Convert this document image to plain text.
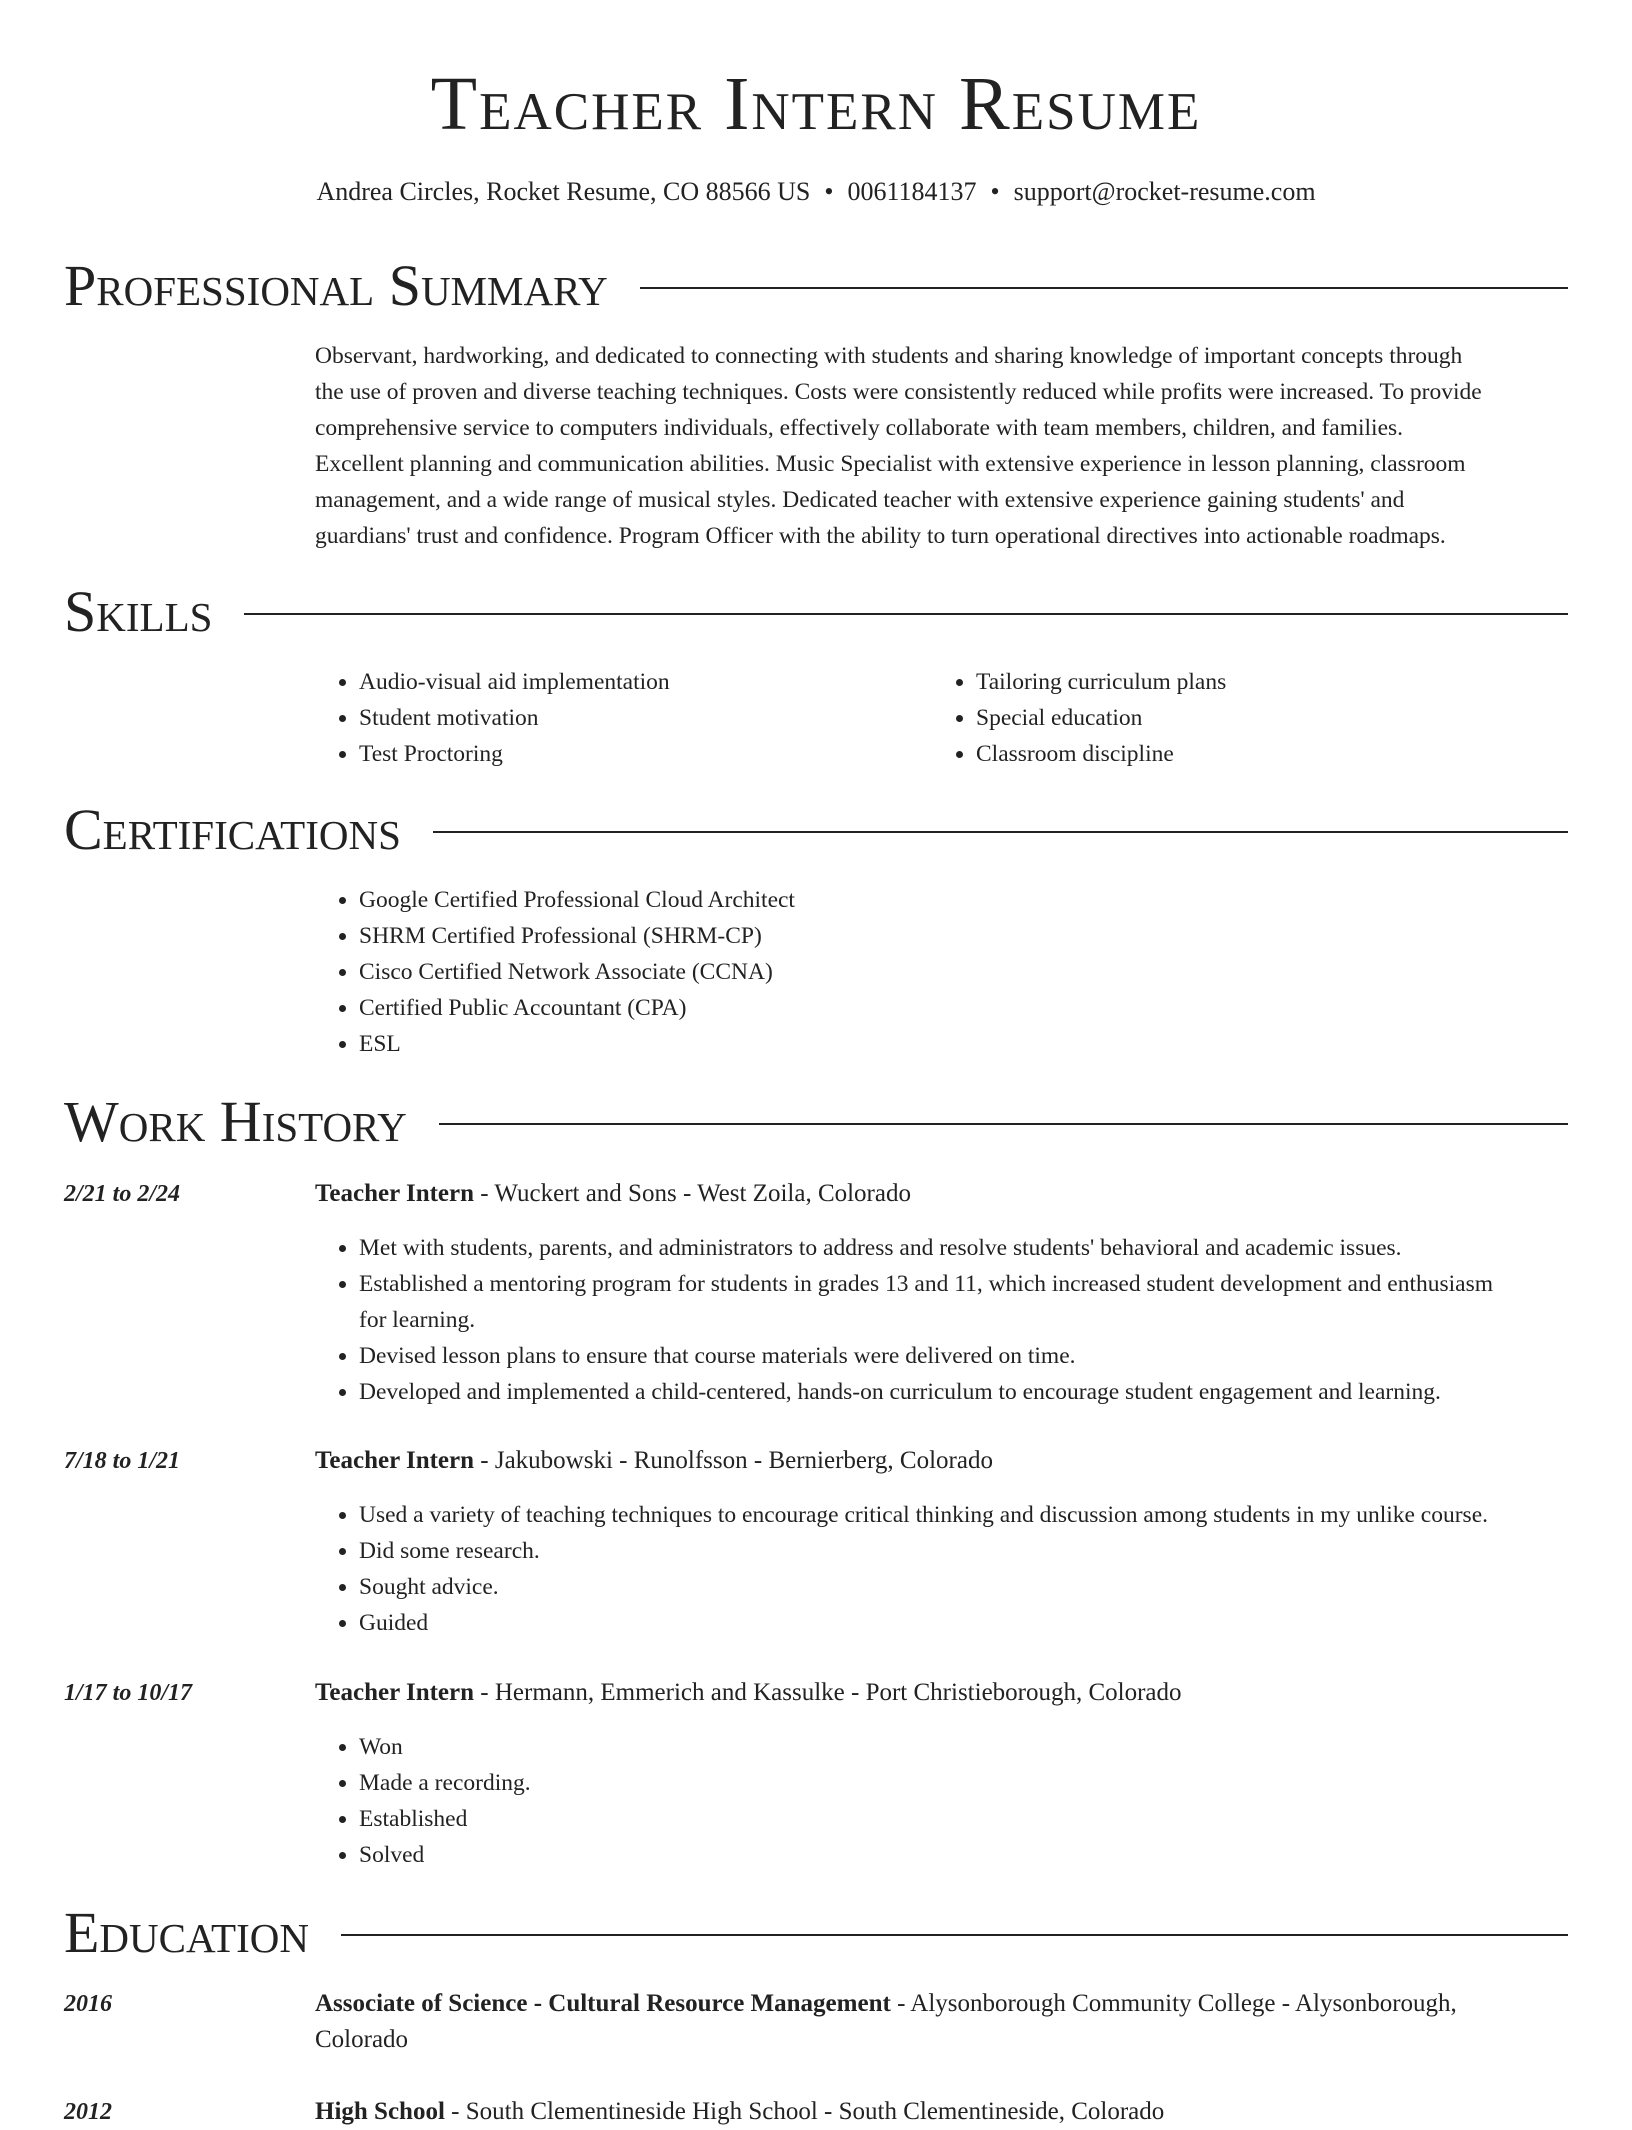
Teacher Intern Resume

Andrea Circles, Rocket Resume, CO 88566 US • 0061184137 • support@rocket-resume.com

Professional Summary
Observant, hardworking, and dedicated to connecting with students and sharing knowledge of important concepts through
the use of proven and diverse teaching techniques. Costs were consistently reduced while profits were increased. To provide
comprehensive service to computers individuals, effectively collaborate with team members, children, and families.
Excellent planning and communication abilities. Music Specialist with extensive experience in lesson planning, classroom
management, and a wide range of musical styles. Dedicated teacher with extensive experience gaining students' and
guardians' trust and confidence. Program Officer with the ability to turn operational directives into actionable roadmaps.
Skills
• Audio-visual aid implementation
• Student motivation
• Test Proctoring
• Tailoring curriculum plans
• Special education
• Classroom discipline
Certifications
• Google Certified Professional Cloud Architect
• SHRM Certified Professional (SHRM-CP)
• Cisco Certified Network Associate (CCNA)
• Certified Public Accountant (CPA)
• ESL
Work History
2/21 to 2/24	Teacher Intern - Wuckert and Sons - West Zoila, Colorado
• Met with students, parents, and administrators to address and resolve students' behavioral and academic issues.
• Established a mentoring program for students in grades 13 and 11, which increased student development and enthusiasm
for learning.
• Devised lesson plans to ensure that course materials were delivered on time.
• Developed and implemented a child-centered, hands-on curriculum to encourage student engagement and learning.
7/18 to 1/21	Teacher Intern - Jakubowski - Runolfsson - Bernierberg, Colorado
• Used a variety of teaching techniques to encourage critical thinking and discussion among students in my unlike course.
• Did some research.
• Sought advice.
• Guided
1/17 to 10/17	Teacher Intern - Hermann, Emmerich and Kassulke - Port Christieborough, Colorado
• Won
• Made a recording.
• Established
• Solved
Education
2016	Associate of Science - Cultural Resource Management - Alysonborough Community College - Alysonborough,
Colorado
2012	High School - South Clementineside High School - South Clementineside, Colorado
